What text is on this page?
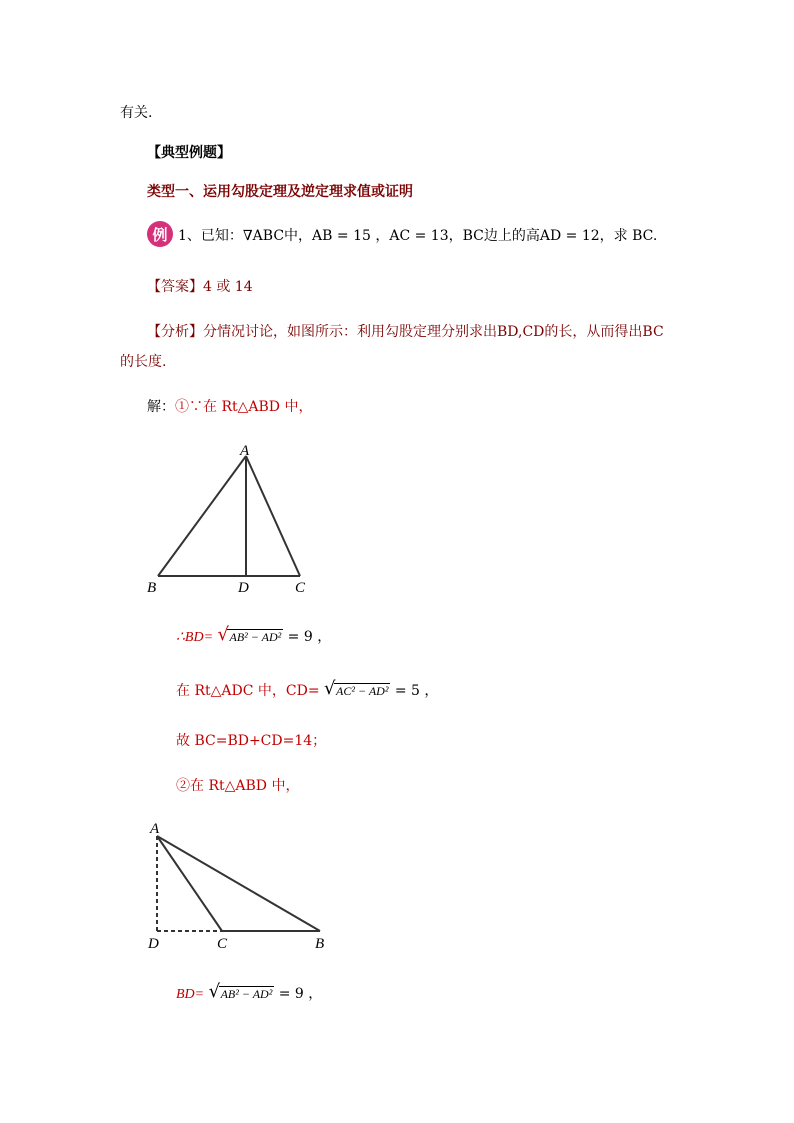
有关.
【典型例题】
类型一、运用勾股定理及逆定理求值或证明
例 1、已知：∇ABC中，AB = 15 ，AC = 13，BC边上的高AD = 12，求 BC.
【答案】4 或 14
【分析】分情况讨论，如图所示：利用勾股定理分别求出BD,CD的长，从而得出BC
的长度.
解：①∵在 Rt△ABD 中，
A
B	D	C
∴BD= √ AB² − AD² = 9 ，
在 Rt△ADC 中，CD= √ AC² − AD² = 5 ，
故 BC=BD+CD=14；
②在 Rt△ABD 中，
A
D	C	B
BD= √ AB² − AD² = 9 ，
